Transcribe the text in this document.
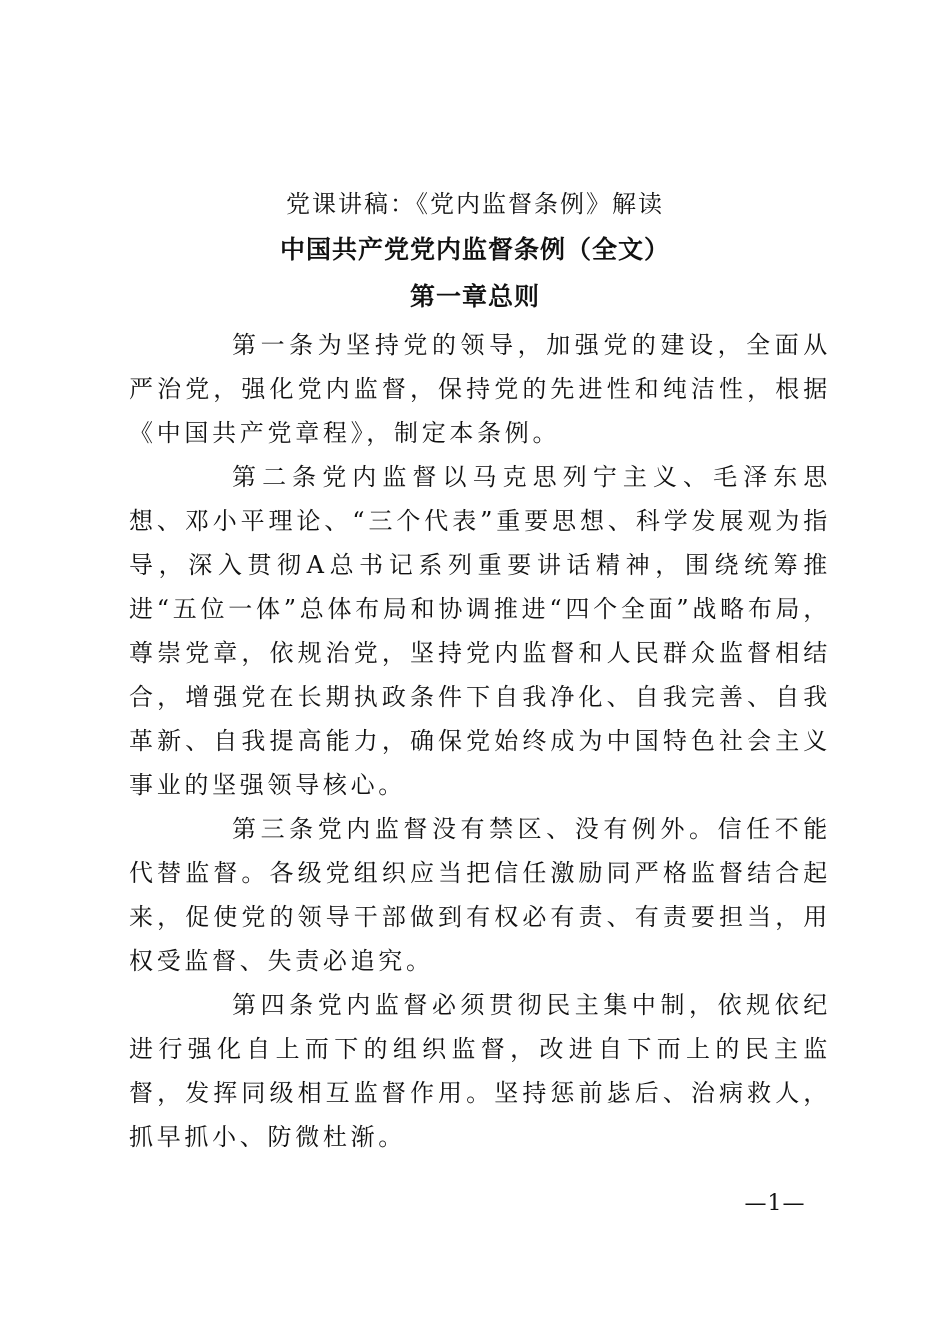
党课讲稿：《党内监督条例》解读
中国共产党党内监督条例（全文）
第一章总则

第一条为坚持党的领导，加强党的建设，全面从严治党，强化党内监督，保持党的先进性和纯洁性，根据《中国共产党章程》，制定本条例。

第二条党内监督以马克思列宁主义、毛泽东思想、邓小平理论、“三个代表”重要思想、科学发展观为指导，深入贯彻A总书记系列重要讲话精神，围绕统筹推进“五位一体”总体布局和协调推进“四个全面”战略布局，尊崇党章，依规治党，坚持党内监督和人民群众监督相结合，增强党在长期执政条件下自我净化、自我完善、自我革新、自我提高能力，确保党始终成为中国特色社会主义事业的坚强领导核心。

第三条党内监督没有禁区、没有例外。信任不能代替监督。各级党组织应当把信任激励同严格监督结合起来，促使党的领导干部做到有权必有责、有责要担当，用权受监督、失责必追究。

第四条党内监督必须贯彻民主集中制，依规依纪进行强化自上而下的组织监督，改进自下而上的民主监督，发挥同级相互监督作用。坚持惩前毖后、治病救人，抓早抓小、防微杜渐。

—1—
